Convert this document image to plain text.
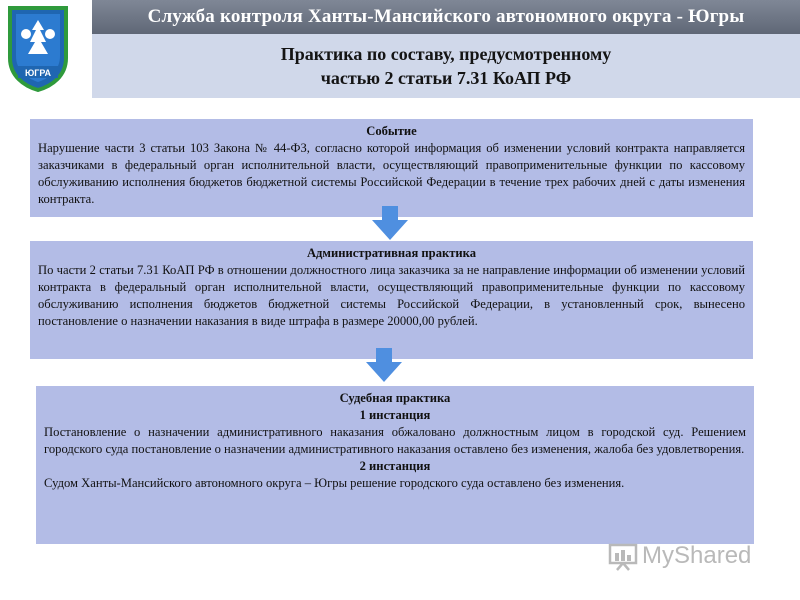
ЮГРА
Служба контроля Ханты-Мансийского автономного округа - Югры
Практика по составу, предусмотренному
частью 2 статьи 7.31 КоАП РФ
Событие

Нарушение части 3 статьи 103 Закона № 44-ФЗ, согласно которой информация об изменении условий контракта направляется заказчиками в федеральный орган исполнительной власти, осуществляющий правоприменительные функции по кассовому обслуживанию исполнения бюджетов бюджетной системы Российской Федерации в течение трех рабочих дней с даты изменения контракта.

Административная практика

По части 2 статьи 7.31 КоАП РФ в отношении должностного лица заказчика за не направление информации об изменении условий контракта в федеральный орган исполнительной власти, осуществляющий правоприменительные функции по кассовому обслуживанию исполнения бюджетов бюджетной системы Российской Федерации, в установленный срок, вынесено постановление о назначении наказания в виде штрафа в размере 20000,00 рублей.

Судебная практика
1 инстанция

Постановление о назначении административного наказания обжаловано должностным лицом в городской суд. Решением городского суда постановление о назначении административного наказания оставлено без изменения, жалоба без удовлетворения.

2 инстанция

Судом Ханты-Мансийского автономного округа – Югры решение городского суда оставлено без изменения.

MyShared
